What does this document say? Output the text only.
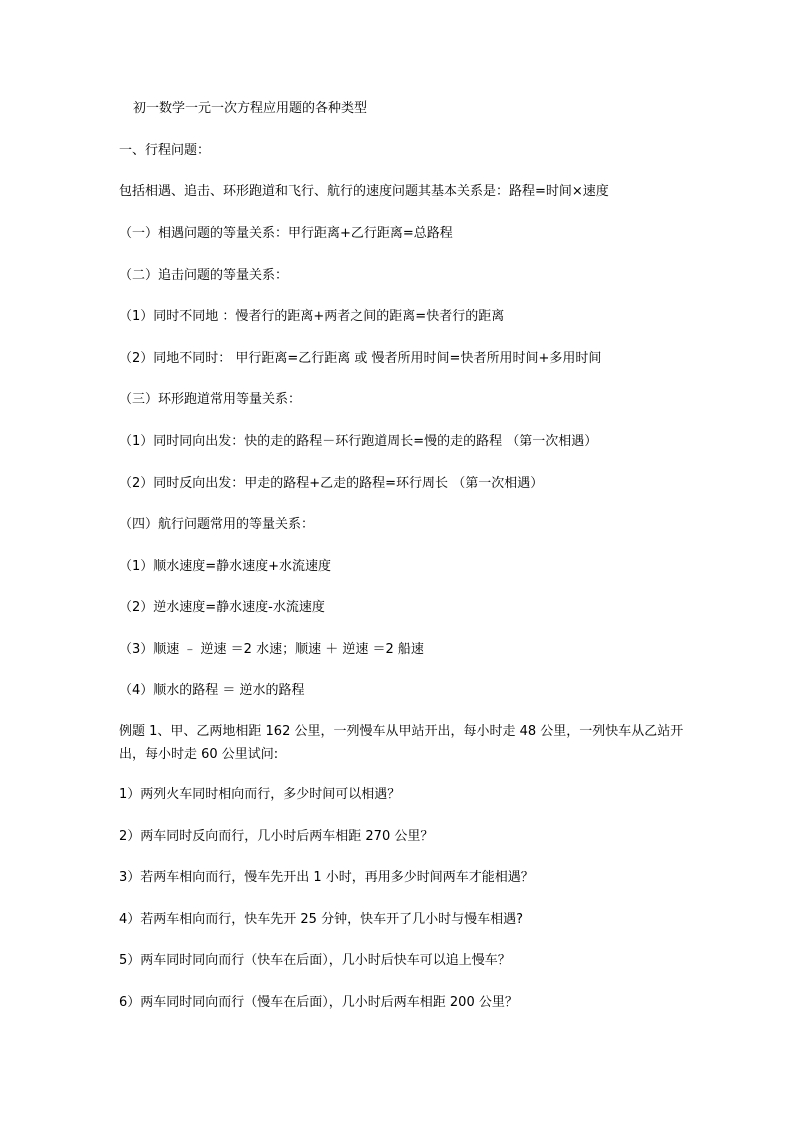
初一数学一元一次方程应用题的各种类型
一、行程问题：
包括相遇、追击、环形跑道和飞行、航行的速度问题其基本关系是：路程=时间×速度
（一）相遇问题的等量关系：甲行距离+乙行距离=总路程
（二）追击问题的等量关系：
（1）同时不同地 ：慢者行的距离+两者之间的距离=快者行的距离
（2）同地不同时： 甲行距离=乙行距离 或 慢者所用时间=快者所用时间+多用时间
（三）环形跑道常用等量关系：
（1）同时同向出发：快的走的路程－环行跑道周长=慢的走的路程 （第一次相遇）
（2）同时反向出发：甲走的路程+乙走的路程=环行周长 （第一次相遇）
（四）航行问题常用的等量关系：
（1）顺水速度=静水速度+水流速度
（2）逆水速度=静水速度-水流速度
（3）顺速 ﹣ 逆速 ＝2 水速；顺速 ＋ 逆速 ＝2 船速
（4）顺水的路程 ＝ 逆水的路程
例题 1、甲、乙两地相距 162 公里，一列慢车从甲站开出，每小时走 48 公里，一列快车从乙站开出，每小时走 60 公里试问:
1）两列火车同时相向而行，多少时间可以相遇？
2）两车同时反向而行，几小时后两车相距 270 公里？
3）若两车相向而行，慢车先开出 1 小时，再用多少时间两车才能相遇？
4）若两车相向而行，快车先开 25 分钟，快车开了几小时与慢车相遇?
5）两车同时同向而行（快车在后面），几小时后快车可以追上慢车？
6）两车同时同向而行（慢车在后面），几小时后两车相距 200 公里？
